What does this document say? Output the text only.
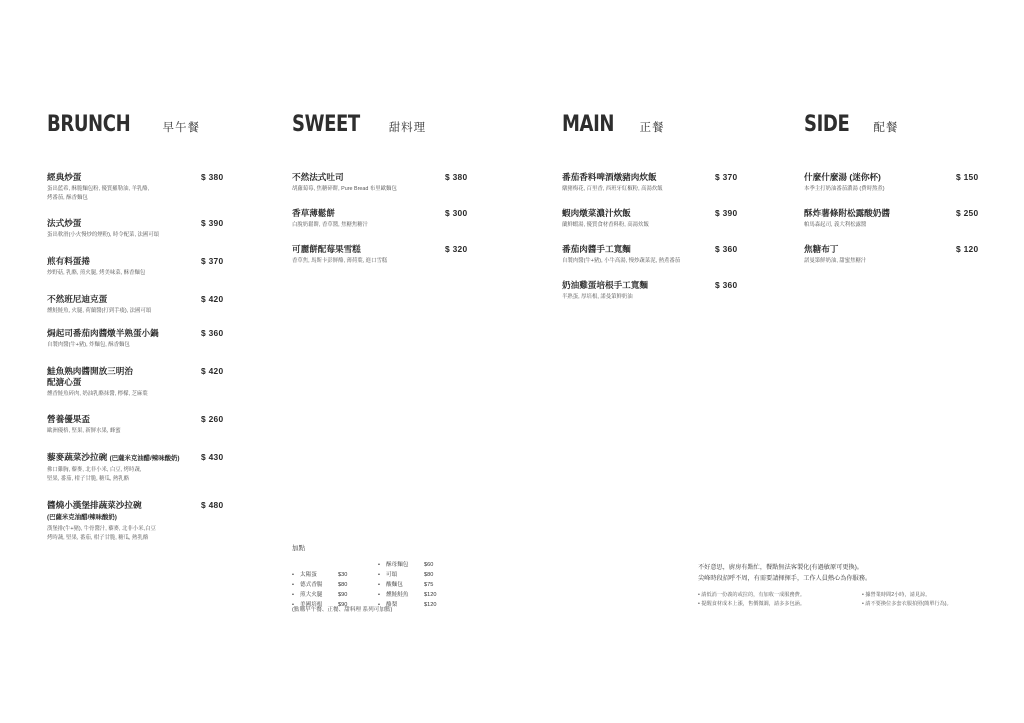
BRUNCH	早午餐
經典炒蛋
蛋出藍希, 酥脆麵包粉, 優質羅勒油, 羊乳酪,
烤番茄, 酥香麵包
$ 380
法式炒蛋
蛋出軟滑(小火慢炒的煙粉), 時令配菜, 法國可頌
$ 390
煎有料蛋捲
炒野菇, 乳酪, 煎火腿, 烤美味菜, 酥香麵包
$ 370
不然班尼迪克蛋
燻鮭鮭魚, 火腿, 荷蘭醬(打到手痠), 法國可頌
$ 420
焗起司番茄肉醬燉半熟蛋小鍋
自製肉醬(牛+豬), 炸麵包, 酥香麵包
$ 360
鮭魚熟肉醬開放三明治
配溏心蛋
燻香鮭魚碎肉, 奶油乳酪抹醬, 檸檬, 芝麻葉
$ 420
營養優果盃
歐洲優格, 堅果, 新鮮水果, 蜂蜜
$ 260
藜麥蔬菜沙拉碗 (巴薩米克油醋/辣味酸奶)
佛口雞胸, 藜麥, 北非小米, 白豆, 烤時蔬,
堅果, 番茄, 柑子甘脆, 糖瓜, 熱乳酪
$ 430
醬燒小漢堡排蔬菜沙拉碗
(巴薩米克油醋/辣味酸奶)
漢堡排(牛+豬), 牛骨醬汁, 藜麥, 北非小米,白豆
烤時蔬, 堅果, 番茄, 柑子甘脆, 糖瓜, 熱乳酪
$ 480
SWEET	甜料理
不然法式吐司
胡蘿蔔莓, 焦糖碎餅, Pure Bread 布里歐麵包
$ 380
香草薄鬆餅
白脫奶鬆餅, 香草醬, 焦糖焦糖汁
$ 300
可麗餅配莓果雪糕
香草焦, 馬斯卡彭鮮酪, 薄荷葉, 進口雪糕
$ 320
MAIN 正餐
番茄香料啤酒燉豬肉炊飯
燉豬梅花, 百里香, 西班牙紅椒粉, 高湯炊飯
$ 370
蝦肉燉菜濃汁炊飯
蘭鮮蝦湯, 優質食材香料粉, 高湯炊飯
$ 390
番茄肉醬手工寬麵
自製肉醬(牛+豬), 小牛高湯, 慢炒蔬菜泥, 熱煮番茄
$ 360
奶油雞蛋培根手工寬麵
半熟蛋, 厚培根, 諾曼第鮮奶油
$ 360
SIDE 配餐
什麼什麼湯 (迷你杯)
本季主打奶油番茄濃湯 (費時熬煮)
$ 150
酥炸薯條附松露酸奶醬
帕馬森起司, 義大利松露醬
$ 250
焦糖布丁
諾曼第鮮奶油, 甜蜜焦糖汁
$ 120
加點
• 太陽蛋	$30
• 德式香腸	$80
• 煎大火腿	$90
• 美國培根	$90
• 酥母麵包	$60
• 可頌	$80
• 酸麵包	$75
• 燻鮭鮭魚	$120
• 酪梨	$120
(點購早午餐、正餐、甜料理 系列可加點)
不好意思，廚房有點忙，餐點無法客製化(有過敏原可更換)。
尖峰時段招呼不周，有需要請揮揮手，工作人員熱心為你服務。
• 請低消一份義的或拉的，有加收一成服務費。	• 據營業時間2小時，請見諒。
• 提醒食材成本上漲，售價微調，請多多包涵。	• 請不要換位多套衣服拍照(簡單行為)。
